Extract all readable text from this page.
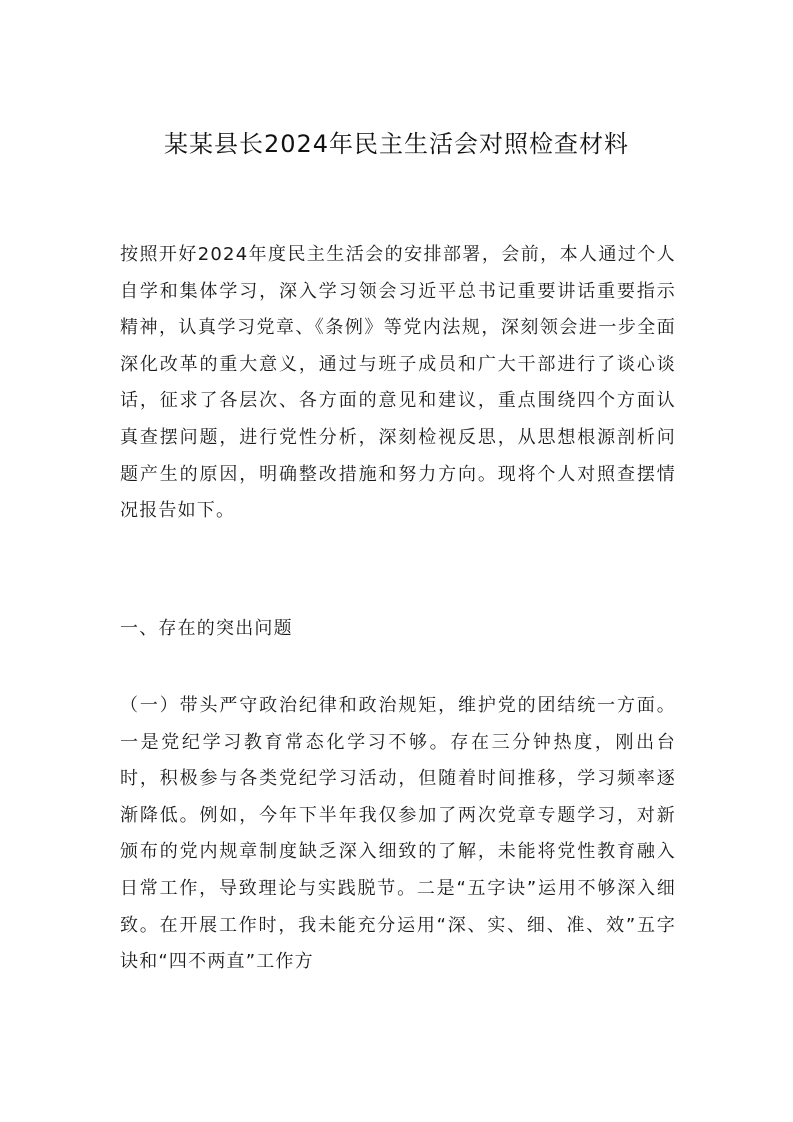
某某县长2024年民主生活会对照检查材料

按照开好2024年度民主生活会的安排部署，会前，本人通过个人自学和集体学习，深入学习领会习近平总书记重要讲话重要指示精神，认真学习党章、《条例》等党内法规，深刻领会进一步全面深化改革的重大意义，通过与班子成员和广大干部进行了谈心谈话，征求了各层次、各方面的意见和建议，重点围绕四个方面认真查摆问题，进行党性分析，深刻检视反思，从思想根源剖析问题产生的原因，明确整改措施和努力方向。现将个人对照查摆情况报告如下。

一、存在的突出问题

（一）带头严守政治纪律和政治规矩，维护党的团结统一方面。一是党纪学习教育常态化学习不够。存在三分钟热度，刚出台时，积极参与各类党纪学习活动，但随着时间推移，学习频率逐渐降低。例如，今年下半年我仅参加了两次党章专题学习，对新颁布的党内规章制度缺乏深入细致的了解，未能将党性教育融入日常工作，导致理论与实践脱节。二是“五字诀”运用不够深入细致。在开展工作时，我未能充分运用“深、实、细、准、效”五字诀和“四不两直”工作方
